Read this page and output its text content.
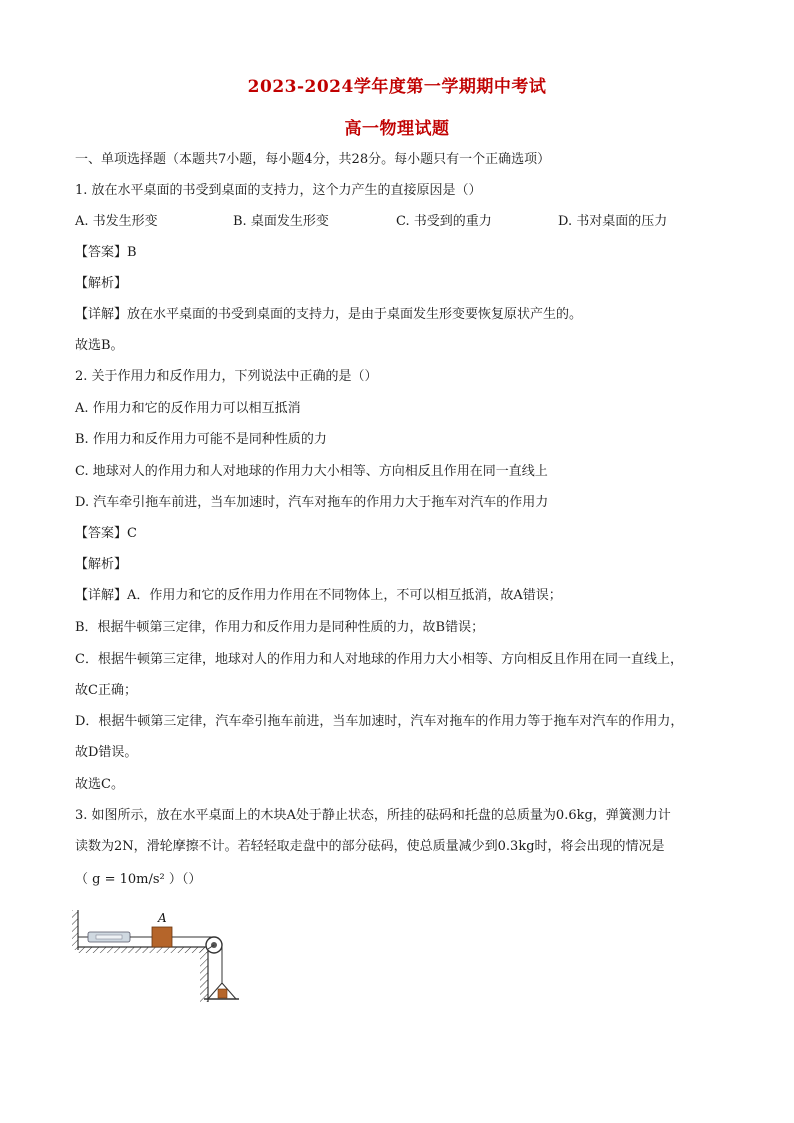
2023-2024学年度第一学期期中考试
高一物理试题
一、单项选择题（本题共7小题，每小题4分，共28分。每小题只有一个正确选项）
1. 放在水平桌面的书受到桌面的支持力，这个力产生的直接原因是（）
A. 书发生形变	B. 桌面发生形变	C. 书受到的重力	D. 书对桌面的压力
【答案】B
【解析】
【详解】放在水平桌面的书受到桌面的支持力，是由于桌面发生形变要恢复原状产生的。
故选B。
2. 关于作用力和反作用力，下列说法中正确的是（）
A. 作用力和它的反作用力可以相互抵消
B. 作用力和反作用力可能不是同种性质的力
C. 地球对人的作用力和人对地球的作用力大小相等、方向相反且作用在同一直线上
D. 汽车牵引拖车前进，当车加速时，汽车对拖车的作用力大于拖车对汽车的作用力
【答案】C
【解析】
【详解】A．作用力和它的反作用力作用在不同物体上，不可以相互抵消，故A错误；
B．根据牛顿第三定律，作用力和反作用力是同种性质的力，故B错误；
C．根据牛顿第三定律，地球对人的作用力和人对地球的作用力大小相等、方向相反且作用在同一直线上，
故C正确；
D．根据牛顿第三定律，汽车牵引拖车前进，当车加速时，汽车对拖车的作用力等于拖车对汽车的作用力，
故D错误。
故选C。
3. 如图所示，放在水平桌面上的木块A处于静止状态，所挂的砝码和托盘的总质量为0.6kg，弹簧测力计
读数为2N，滑轮摩擦不计。若轻轻取走盘中的部分砝码，使总质量减少到0.3kg时，将会出现的情况是
（ g = 10m/s² ）（）
A
